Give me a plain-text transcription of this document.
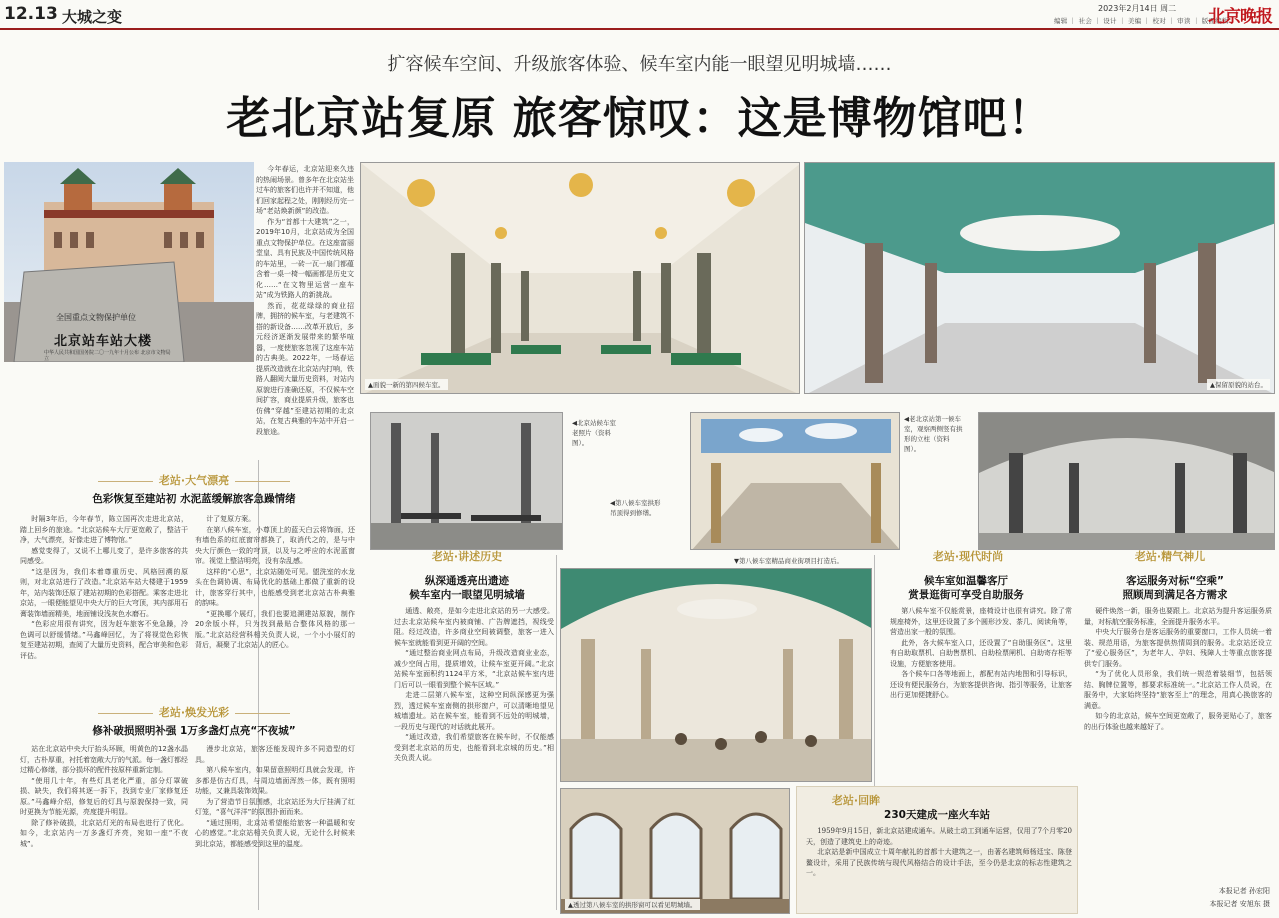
12.13 大城之变	2023年2月14日 周二
编辑 ｜ 社会 ｜ 设计 ｜ 美编 ｜ 校对 ｜ 审读 ｜ 版面编辑
北京晚报
扩容候车空间、升级旅客体验、候车室内能一眼望见明城墙……
老北京站复原 旅客惊叹：这是博物馆吧！
全国重点文物保护单位
北京站车站大楼
中华人民共和国国务院二〇一九年十月公布 北京市文物局立

今年春运，北京站迎来久违的热闹场景。曾多年在北京站坐过车的旅客们也许并不知道，他们回家起程之处，刚刚经历完一场“老站焕新颜”的改造。

作为“首都十大建筑”之一，2019年10月，北京站成为全国重点文物保护单位。在这座富丽堂皇、具有民族及中国传统风格的车站里，一砖一瓦一扇门都蕴含着一桌一椅一幅画都是历史文化……“在文物里运营一座车站”成为铁路人的新挑战。

然而，花花绿绿的商业招牌，拥挤的候车室，与老建筑不搭的新设备……改革开放后，多元经济逐渐发展带来的繁华喧嚣，一度使旅客忽视了这座车站的古典美。2022年，一场春运提质改造就在北京站内打响，铁路人翻阅大量历史资料，对站内原貌进行准确还原，不仅候车空间扩容，商业提质升级，旅客也仿佛“穿越”至建站初期的北京站，在复古典雅的车站中开启一段旅途。

▲面貌一新的第四候车室。	▲保留原貌的站台。
◀北京站候车室老照片（资料图）。
◀第八候车室拱形吊顶得到修缮。
◀老北京站第一候车室，观察两侧竖有拱形的立柱（资料图）。
老站·大气漂亮
色彩恢复至建站初 水泥蓝缓解旅客急躁情绪

时隔3年后，今年春节，陈立国再次走进北京站，踏上回乡的旅途。“北京站候车大厅更宽敞了，整洁干净，大气漂亮，好像走进了博物馆。”

感觉变得了，又说不上哪儿变了，是许多旅客的共同感受。

“这是因为，我们本着尊重历史、风格回溯的原则，对北京站进行了改造。”北京站车站大楼建于1959年，站内装饰还原了建站初期的色彩搭配。乘客走进北京站，一眼便能望见中央大厅的巨大穹顶，其内部用石膏装饰墙面精美，地面铺设浅灰色水磨石。

“色彩应用很有讲究，因为赶车旅客不免急躁，冷色调可以舒缓情绪。”马鑫峰回忆，为了将视觉色彩恢复至建站初期，查阅了大量历史资料，配合审美和色彩评估。

计了复原方案。

在第八候车室，小尊顶上的蓝天白云将饰面，还有墙色系的红底窗帘都换了，取消代之的，是与中央大厅颜色一致的穹顶，以及与之呼应的水泥蓝窗帘。视觉上整洁明亮，没有杂乱感。

这样的“心思”，北京站随处可见。盥洗室的水龙头在色调协调、布局优化的基础上都做了重新的设计，旅客穿行其中，也能感受到老北京站古朴典雅的韵味。

“更换哪个展灯，我们也要追溯建站原貌，制作20余版小样，只为找到最贴合整体风格的那一版。”北京站经营科相关负责人说，一个小小展灯的背后，凝聚了北京站人的匠心。

老站·焕发光彩
修补破损照明补强 1万多盏灯点亮“不夜城”

站在北京站中央大厅抬头环顾，明黄色的12盏水晶灯，古朴厚重，衬托着宽敞大厅的气派。每一盏灯都经过精心修缮，部分损坏的配件按原样重新定制。

“使用几十年，有些灯具老化严重，部分灯罩破损、缺失，我们将其逐一拆下，找到专业厂家修复还原。”马鑫峰介绍，修复后的灯具与原貌保持一致，同时更换为节能光源，亮度提升明显。

除了修补破损，北京站灯光的布局也进行了优化。如今，北京站内一万多盏灯齐亮，宛如一座“不夜城”。

漫步北京站，旅客还能发现许多不同造型的灯具。

第八候车室内，如果留意照明灯具就会发现，许多都是仿古灯具，与周边墙面浑然一体，既有照明功能，又兼具装饰效果。

为了营造节日氛围感，北京站还为大厅挂满了红灯笼，“喜气洋洋”的氛围扑面而来。

“通过照明，北京站希望能给旅客一种温暖和安心的感觉。”北京站相关负责人说，无论什么时候来到北京站，都能感受到这里的温度。

老站·讲述历史
纵深通透亮出遗迹
候车室内一眼望见明城墙

通透、敞亮，是如今走进北京站的另一大感受。过去北京站候车室内被商铺、广告牌遮挡，视线受阻。经过改造，许多商业空间被调整，旅客一进入候车室就能看到更开阔的空间。

“通过整治商业网点布局，升级改造商业业态，减少空间占用，提质增效，让候车室更开阔。”北京站候车室面积约1124平方米，“北京站候车室内进门后可以一眼看到整个候车区域。”

走进二层第八候车室，这种空间纵深感更为强烈，透过候车室南侧的拱形窗户，可以清晰地望见城墙遗址。站在候车室，能看到不远处的明城墙，一段历史与现代的对话就此展开。

“通过改造，我们希望旅客在候车时，不仅能感受到老北京站的历史，也能看到北京城的历史。”相关负责人说。

▼第八候车室精品商业街项目打造后。
▲透过第八候车室的拱形窗可以看见明城墙。
老站·现代时尚
候车室如温馨客厅
赏景逛街可享受自助服务
老站·精气神儿
客运服务对标“空乘”
照顾周到满足各方需求

硬件焕然一新，服务也要跟上。北京站为提升客运服务质量，对标航空服务标准，全面提升服务水平。

中央大厅服务台是客运服务的重要窗口，工作人员统一着装、规范用语，为旅客提供热情周到的服务。北京站还设立了“爱心服务区”，为老年人、孕妇、残障人士等重点旅客提供专门服务。

“为了优化人员形象，我们统一规范着装细节，包括领结、胸牌位置等，都要求标准统一。”北京站工作人员说，在服务中，大家始终坚持“旅客至上”的理念，用真心换旅客的满意。

如今的北京站，候车空间更宽敞了，服务更贴心了，旅客的出行体验也越来越好了。

本报记者 孙宏阳
本报记者 安旭东 摄

第八候车室不仅能赏景，座椅设计也很有讲究。除了常规座椅外，这里还设置了多个圆形沙发、茶几、阅读角等，营造出家一般的氛围。

此外，各大候车室入口，还设置了“自助服务区”。这里有自助取票机、自助售票机、自助检票闸机、自助寄存柜等设施，方便旅客使用。

各个候车口各等地面上，都配有站内地图和引导标识，还设有便民服务台，为旅客提供咨询、指引等服务，让旅客出行更加便捷舒心。

老站·回眸
230天建成一座火车站

1959年9月15日，新北京站建成通车。从破土动工到通车运营，仅用了7个月零20天，创造了建筑史上的奇迹。

北京站是新中国成立十周年献礼的首都十大建筑之一，由著名建筑师杨廷宝、陈登鳌设计，采用了民族传统与现代风格结合的设计手法，至今仍是北京的标志性建筑之一。
